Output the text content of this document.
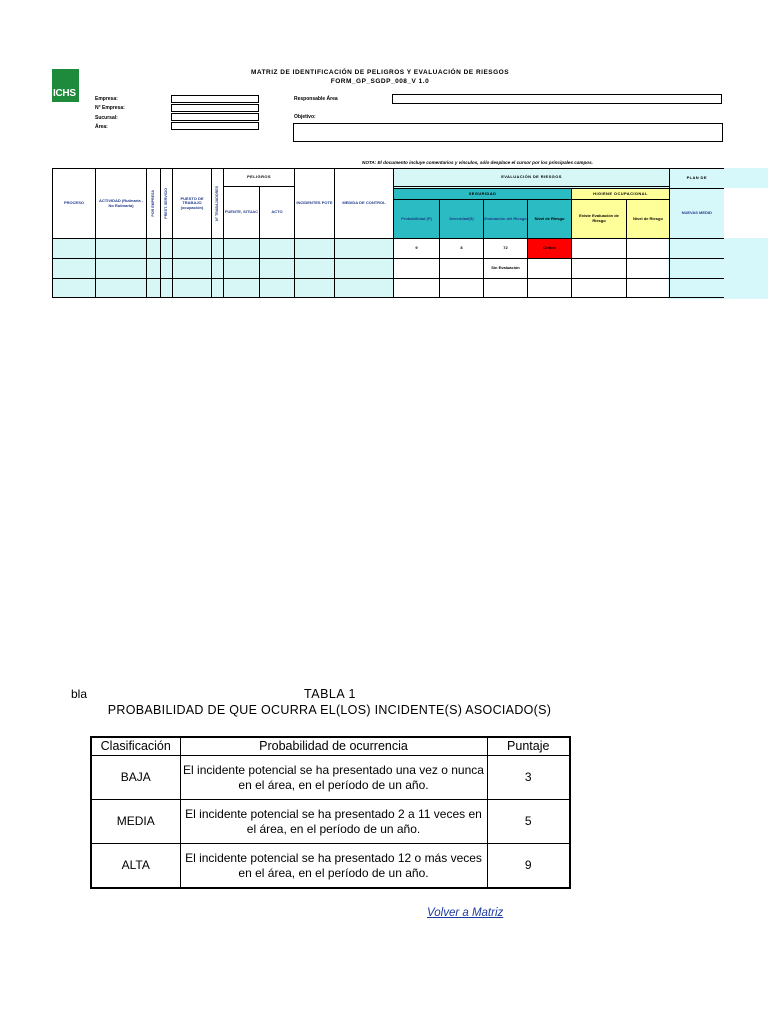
ICHS
MATRIZ DE IDENTIFICACIÓN DE PELIGROS Y EVALUACIÓN DE RIESGOS
FORM_GP_SGDP_008_V 1.0
Empresa:
N° Empresa:
Sucursal:
Área:
Responsable Área
Objetivo:
NOTA: El documento incluye comentarios y vínculos, sólo desplace el cursor por los principales campos.
PROCESO	ACTIVIDAD (Rutinaria - No Rutinaria)	POR EMPRESA	PREST. SERVICIO	PUESTO DE TRABAJO (ocupación)	N° TRABAJADORES	PELIGROS		INCIDENTES POTE	MEDIDA DE CONTROL	EVALUACIÓN DE RIESGOS						PLAN DE
						FUENTE, SITUAC	ACTO									
										SEGURIDAD				HIGIENE OCUPACIONAL		NUEVAS MEDID
										Probabilidad (P)	Severidad(S)	Evaluación del Riesgo	Nivel de Riesgo	Existe Evaluación de Riesgo	Nivel de Riesgo	
										9	8	72	Crítico			
												Sin Evaluación				

bla	TABLA 1
PROBABILIDAD DE QUE OCURRA EL(LOS) INCIDENTE(S) ASOCIADO(S)
Clasificación	Probabilidad de ocurrencia	Puntaje
BAJA	El incidente potencial se ha presentado una vez o nunca en el área, en el período de un año.	3
MEDIA	El incidente potencial se ha presentado 2 a 11 veces en el área, en el período de un año.	5
ALTA	El incidente potencial se ha presentado 12 o más veces en el área, en el período de un año.	9
Volver a Matriz
